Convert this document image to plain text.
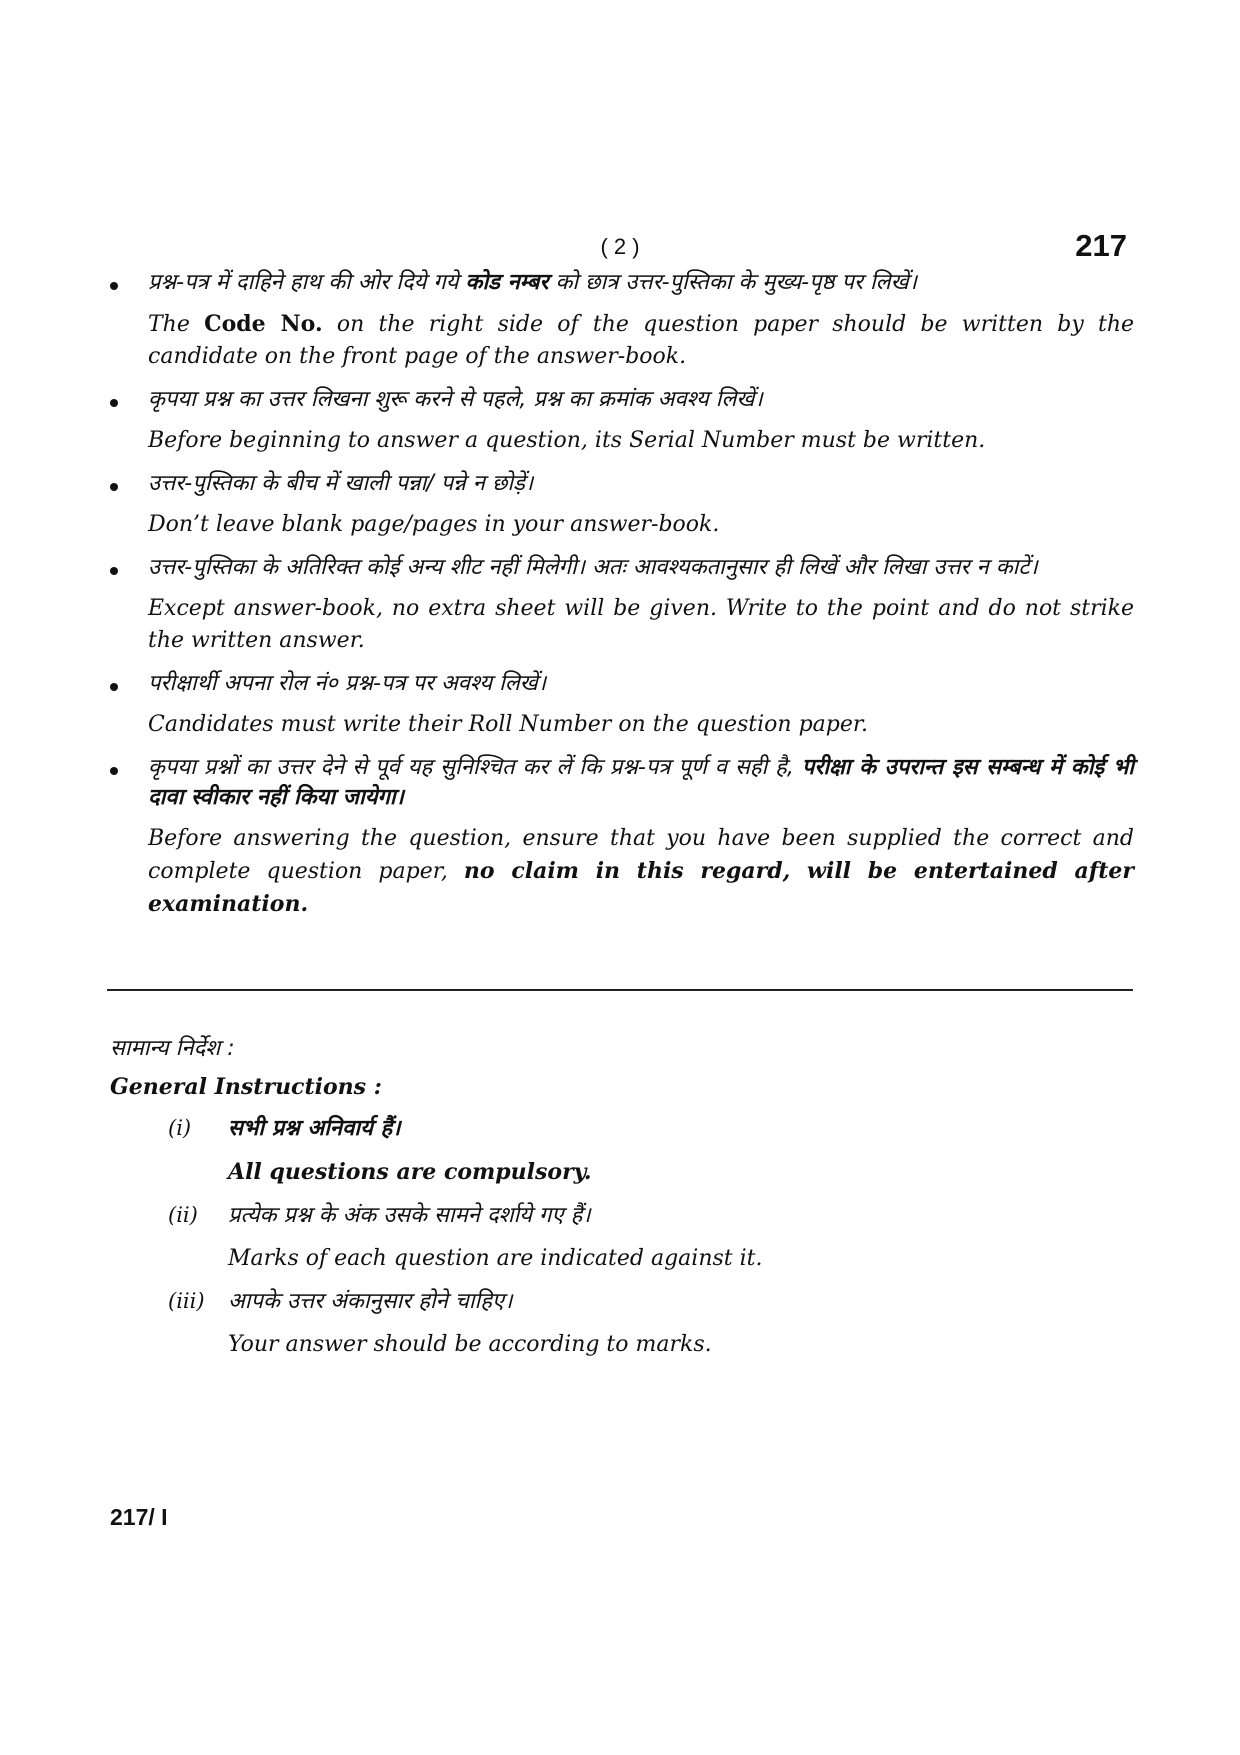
( 2 )	217

प्रश्न-पत्र में दाहिने हाथ की ओर दिये गये कोड नम्बर को छात्र उत्तर-पुस्तिका के मुख्य-पृष्ठ पर लिखें।

The Code No. on the right side of the question paper should be written by the candidate on the front page of the answer-book.

कृपया प्रश्न का उत्तर लिखना शुरू करने से पहले, प्रश्न का क्रमांक अवश्य लिखें।

Before beginning to answer a question, its Serial Number must be written.

उत्तर-पुस्तिका के बीच में खाली पन्ना/ पन्ने न छोड़ें।

Don’t leave blank page/pages in your answer-book.

उत्तर-पुस्तिका के अतिरिक्त कोई अन्य शीट नहीं मिलेगी। अतः आवश्यकतानुसार ही लिखें और लिखा उत्तर न काटें।

Except answer-book, no extra sheet will be given. Write to the point and do not strike the written answer.

परीक्षार्थी अपना रोल नं० प्रश्न-पत्र पर अवश्य लिखें।

Candidates must write their Roll Number on the question paper.

कृपया प्रश्नों का उत्तर देने से पूर्व यह सुनिश्चित कर लें कि प्रश्न-पत्र पूर्ण व सही है, परीक्षा के उपरान्त इस सम्बन्ध में कोई भी दावा स्वीकार नहीं किया जायेगा।

Before answering the question, ensure that you have been supplied the correct and complete question paper, no claim in this regard, will be entertained after examination.

सामान्य निर्देश :

General Instructions :

(i) सभी प्रश्न अनिवार्य हैं।

All questions are compulsory.

(ii) प्रत्येक प्रश्न के अंक उसके सामने दर्शाये गए हैं।

Marks of each question are indicated against it.

(iii) आपके उत्तर अंकानुसार होने चाहिए।

Your answer should be according to marks.

217/ I
